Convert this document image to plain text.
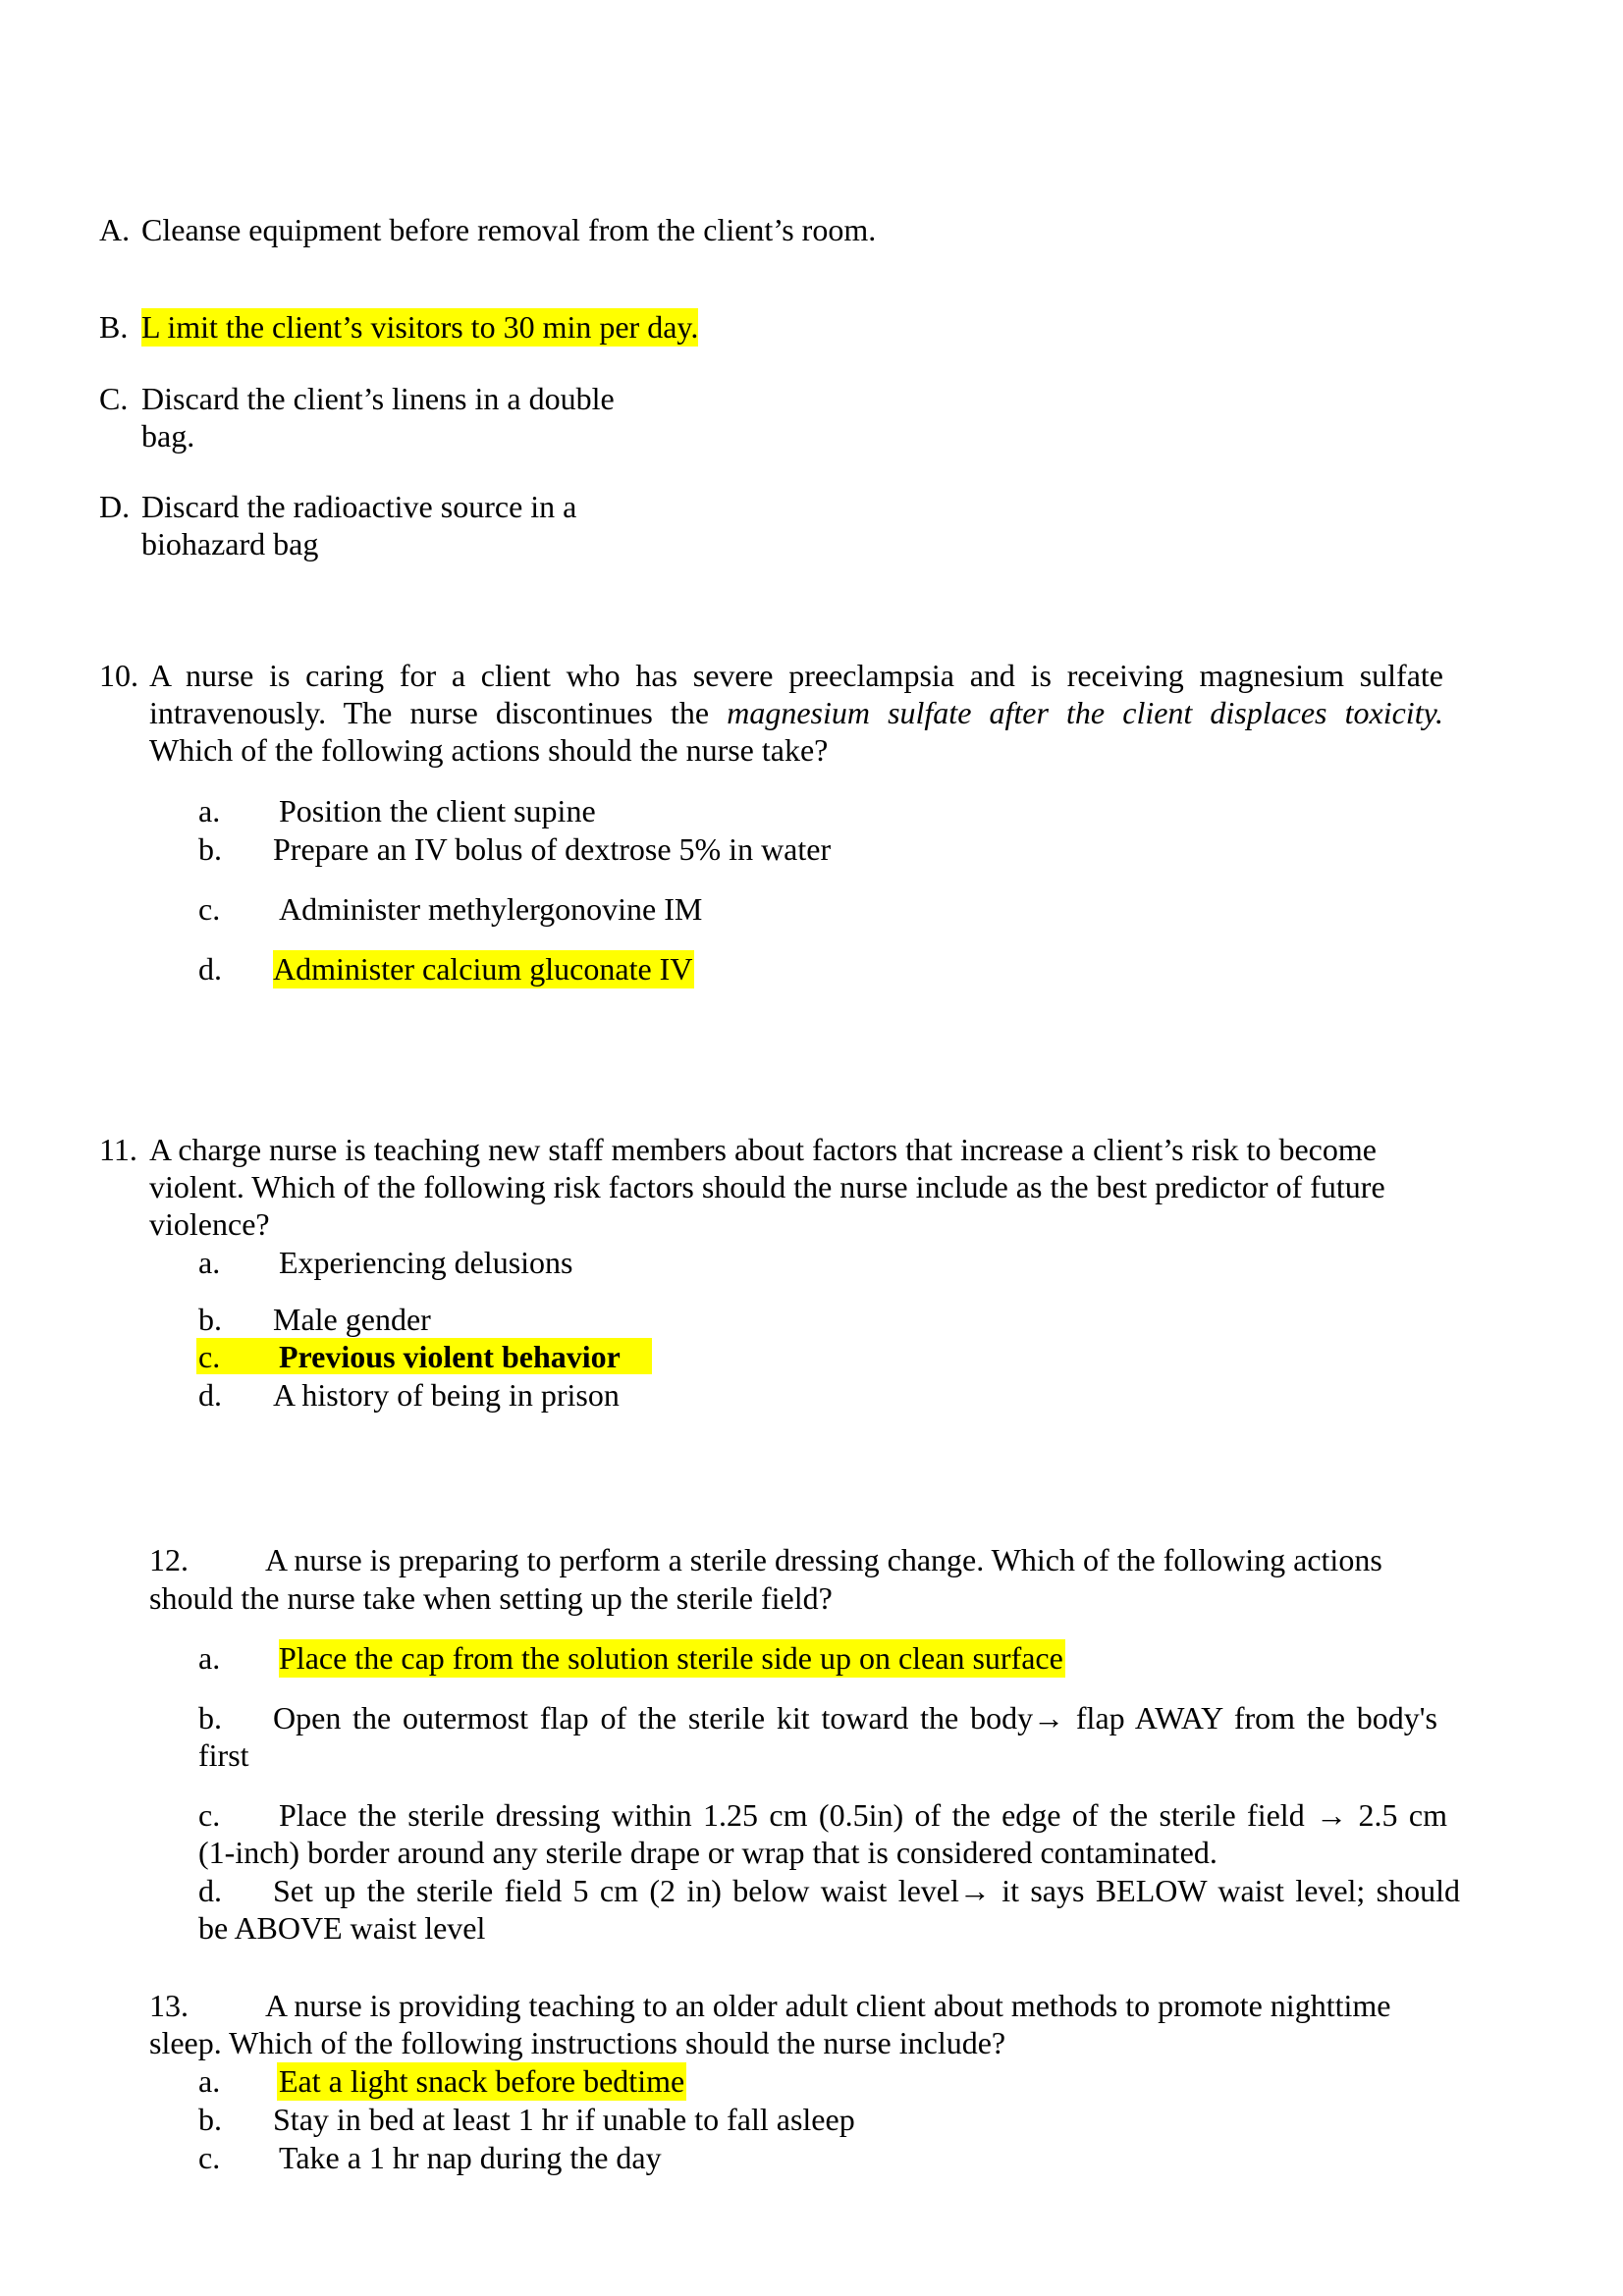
A. Cleanse equipment before removal from the client’s room.
B. L imit the client’s visitors to 30 min per day.
C. Discard the client’s linens in a double
bag.
D. Discard the radioactive source in a
biohazard bag
10. A nurse is caring for a client who has severe preeclampsia and is receiving magnesium sulfate
intravenously. The nurse discontinues the magnesium sulfate after the client displaces toxicity.
Which of the following actions should the nurse take?
a. Position the client supine
b. Prepare an IV bolus of dextrose 5% in water
c. Administer methylergonovine IM
d. Administer calcium gluconate IV
11. A charge nurse is teaching new staff members about factors that increase a client’s risk to become
violent. Which of the following risk factors should the nurse include as the best predictor of future
violence?
a. Experiencing delusions
b. Male gender
c. Previous violent behavior
d. A history of being in prison
12. A nurse is preparing to perform a sterile dressing change. Which of the following actions
should the nurse take when setting up the sterile field?
a. Place the cap from the solution sterile side up on clean surface
b. Open the outermost flap of the sterile kit toward the body→ flap AWAY from the body's
first
c. Place the sterile dressing within 1.25 cm (0.5in) of the edge of the sterile field → 2.5 cm
(1-inch) border around any sterile drape or wrap that is considered contaminated.
d. Set up the sterile field 5 cm (2 in) below waist level→ it says BELOW waist level; should
be ABOVE waist level
13. A nurse is providing teaching to an older adult client about methods to promote nighttime
sleep. Which of the following instructions should the nurse include?
a. Eat a light snack before bedtime
b. Stay in bed at least 1 hr if unable to fall asleep
c. Take a 1 hr nap during the day
